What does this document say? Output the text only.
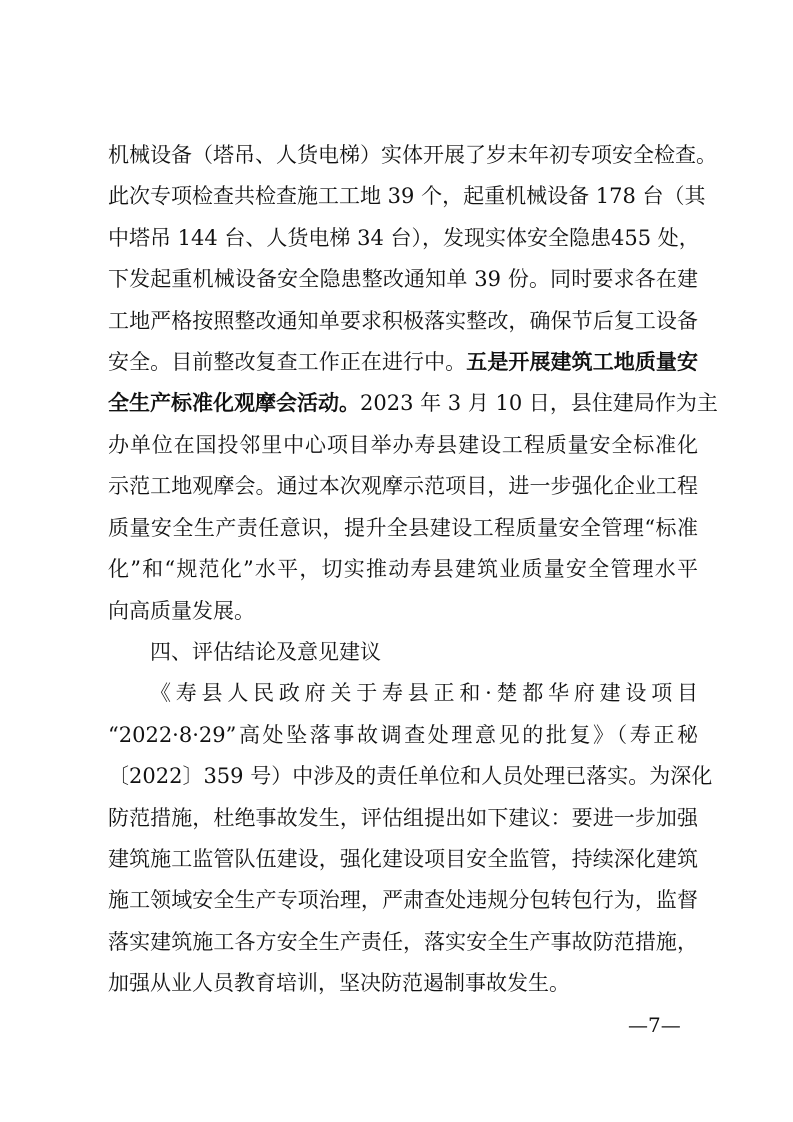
机械设备（塔吊、人货电梯）实体开展了岁末年初专项安全检查。
此次专项检查共检查施工工地 39 个，起重机械设备 178 台（其
中塔吊 144 台、人货电梯 34 台），发现实体安全隐患455 处，
下发起重机械设备安全隐患整改通知单 39 份。同时要求各在建
工地严格按照整改通知单要求积极落实整改，确保节后复工设备
安全。目前整改复查工作正在进行中。五是开展建筑工地质量安
全生产标准化观摩会活动。2023 年 3 月 10 日，县住建局作为主
办单位在国投邻里中心项目举办寿县建设工程质量安全标准化
示范工地观摩会。通过本次观摩示范项目，进一步强化企业工程
质量安全生产责任意识，提升全县建设工程质量安全管理“标准
化”和“规范化”水平，切实推动寿县建筑业质量安全管理水平
向高质量发展。
四、评估结论及意见建议
《寿县人民政府关于寿县正和·楚都华府建设项目
“2022·8·29”高处坠落事故调查处理意见的批复》（寿正秘
〔2022〕359 号）中涉及的责任单位和人员处理已落实。为深化
防范措施，杜绝事故发生，评估组提出如下建议：要进一步加强
建筑施工监管队伍建设，强化建设项目安全监管，持续深化建筑
施工领域安全生产专项治理，严肃查处违规分包转包行为，监督
落实建筑施工各方安全生产责任，落实安全生产事故防范措施，
加强从业人员教育培训，坚决防范遏制事故发生。
—7—
